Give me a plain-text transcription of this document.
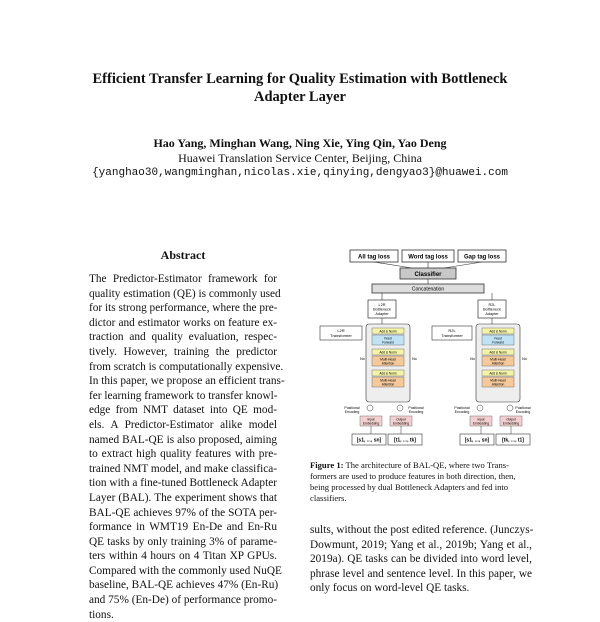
Efficient Transfer Learning for Quality Estimation with Bottleneck
Adapter Layer
Hao Yang, Minghan Wang, Ning Xie, Ying Qin, Yao Deng
Huawei Translation Service Center, Beijing, China
{yanghao30,wangminghan,nicolas.xie,qinying,dengyao3}@huawei.com
Abstract
The Predictor-Estimator framework for
quality estimation (QE) is commonly used
for its strong performance, where the pre-
dictor and estimator works on feature ex-
traction and quality evaluation, respec-
tively. However, training the predictor
from scratch is computationally expensive.
In this paper, we propose an efficient trans-
fer learning framework to transfer knowl-
edge from NMT dataset into QE mod-
els. A Predictor-Estimator alike model
named BAL-QE is also proposed, aiming
to extract high quality features with pre-
trained NMT model, and make classifica-
tion with a fine-tuned Bottleneck Adapter
Layer (BAL). The experiment shows that
BAL-QE achieves 97% of the SOTA per-
formance in WMT19 En-De and En-Ru
QE tasks by only training 3% of parame-
ters within 4 hours on 4 Titan XP GPUs.
Compared with the commonly used NuQE
baseline, BAL-QE achieves 47% (En-Ru)
and 75% (En-De) of performance promo-
tions.
All tag loss	Word tag loss	Gap tag loss
Classifier
Concatenation
L2R
Bottleneck
Adapter
R2L
Bottleneck
Adapter
L2R
Transformer
Add & Norm
Feed
Forward
Add & Norm
Multi-Head
Attention
Add & Norm
Multi-Head
Attention
Nx	Nx
Positional
Encoding
Positional
Encoding
Input
Embedding
Output
Embedding
[s1, ..., sn]	[t1, ..., tk]
R2L
Transformer
Add & Norm
Feed
Forward
Add & Norm
Multi-Head
Attention
Add & Norm
Multi-Head
Attention
Nx	Nx
Positional
Encoding
Positional
Encoding
Input
Embedding
Output
Embedding
[s1, ..., sn]	[tk, ..., t1]
Figure 1: The architecture of BAL-QE, where two Trans-
formers are used to produce features in both direction, then,
being processed by dual Bottleneck Adapters and fed into
classifiers.
sults, without the post edited reference. (Junczys-
Dowmunt, 2019; Yang et al., 2019b; Yang et al.,
2019a). QE tasks can be divided into word level,
phrase level and sentence level. In this paper, we
only focus on word-level QE tasks.
